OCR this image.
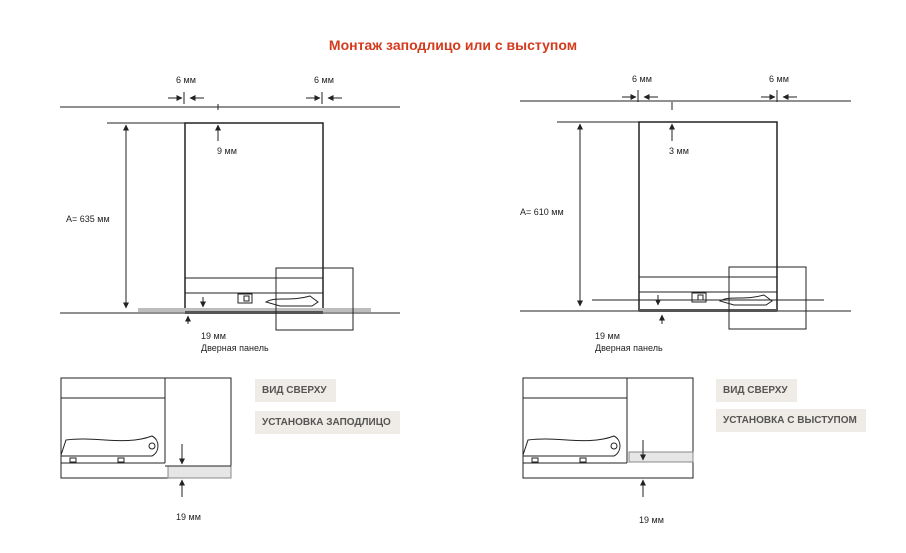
Монтаж заподлицо или с выступом
6 мм	6 мм
9 мм
A= 635 мм
19 мм
Дверная панель
ВИД СВЕРХУ
УСТАНОВКА ЗАПОДЛИЦО
19 мм
6 мм	6 мм
3 мм
A= 610 мм
19 мм
Дверная панель
ВИД СВЕРХУ
УСТАНОВКА С ВЫСТУПОМ
19 мм
